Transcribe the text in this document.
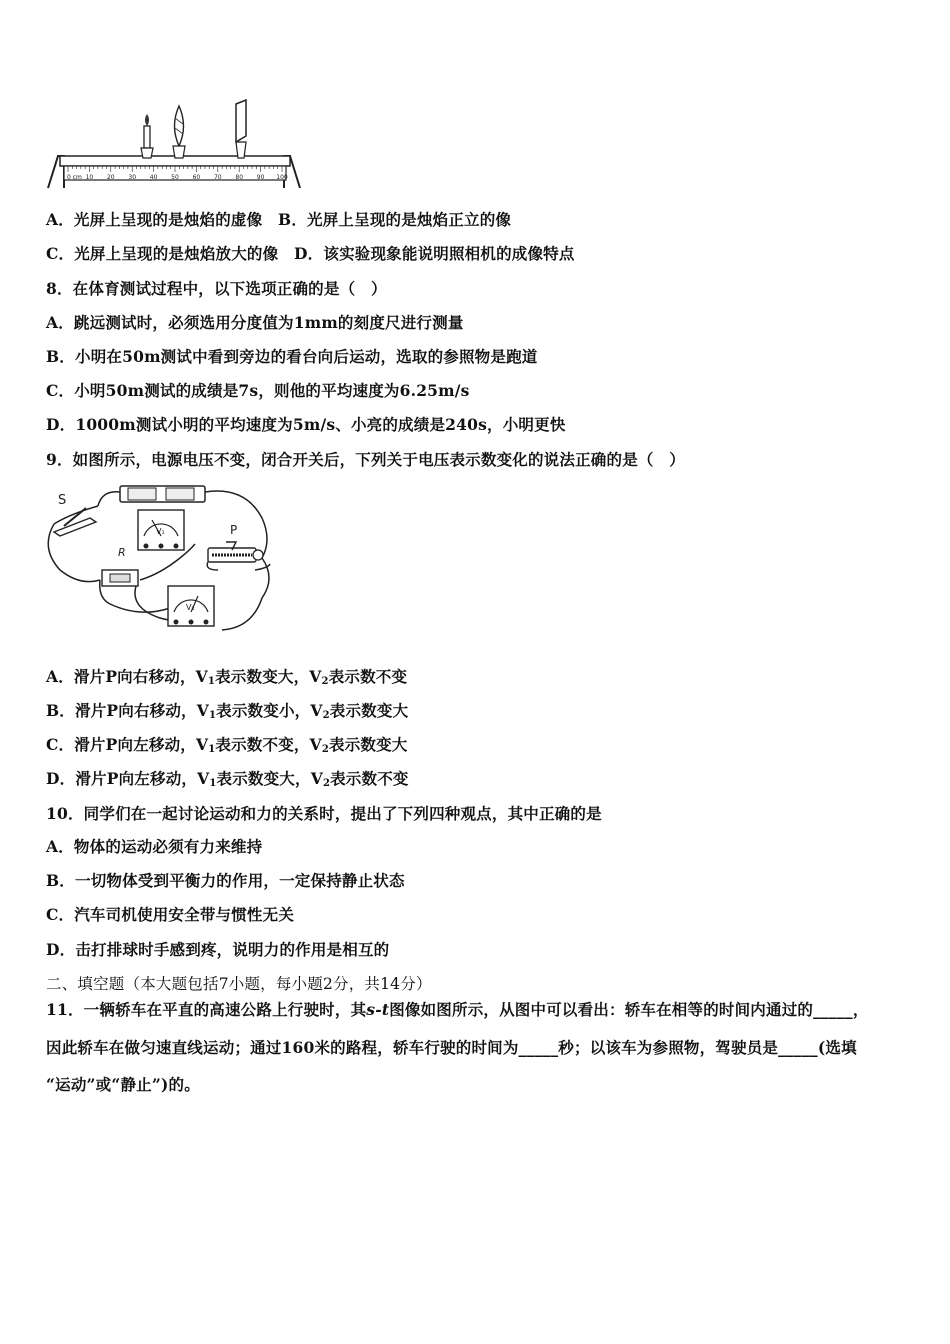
0 cm 10 20 30 40 50 60 70 80 90 100
A．光屏上呈现的是烛焰的虚像　B．光屏上呈现的是烛焰正立的像
C．光屏上呈现的是烛焰放大的像　D．该实验现象能说明照相机的成像特点
8．在体育测试过程中，以下选项正确的是（　）
A．跳远测试时，必须选用分度值为1mm的刻度尺进行测量
B．小明在50m测试中看到旁边的看台向后运动，选取的参照物是跑道
C．小明50m测试的成绩是7s，则他的平均速度为6.25m/s
D．1000m测试小明的平均速度为5m/s、小亮的成绩是240s，小明更快
9．如图所示，电源电压不变，闭合开关后，下列关于电压表示数变化的说法正确的是（　）
S
V₁	P
R
V₂
A．滑片P向右移动，$V_1$表示数变大，$V_2$表示数不变
B．滑片P向右移动，$V_1$表示数变小，$V_2$表示数变大
C．滑片P向左移动，$V_1$表示数不变，$V_2$表示数变大
D．滑片P向左移动，$V_1$表示数变大，$V_2$表示数不变
10．同学们在一起讨论运动和力的关系时，提出了下列四种观点，其中正确的是
A．物体的运动必须有力来维持
B．一切物体受到平衡力的作用，一定保持静止状态
C．汽车司机使用安全带与惯性无关
D．击打排球时手感到疼，说明力的作用是相互的
二、填空题（本大题包括7小题，每小题2分，共14分）
11．一辆轿车在平直的高速公路上行驶时，其s-t图像如图所示，从图中可以看出：轿车在相等的时间内通过的_____，
因此轿车在做匀速直线运动；通过160米的路程，轿车行驶的时间为_____秒；以该车为参照物，驾驶员是_____(选填
“运动”或“静止”)的。
